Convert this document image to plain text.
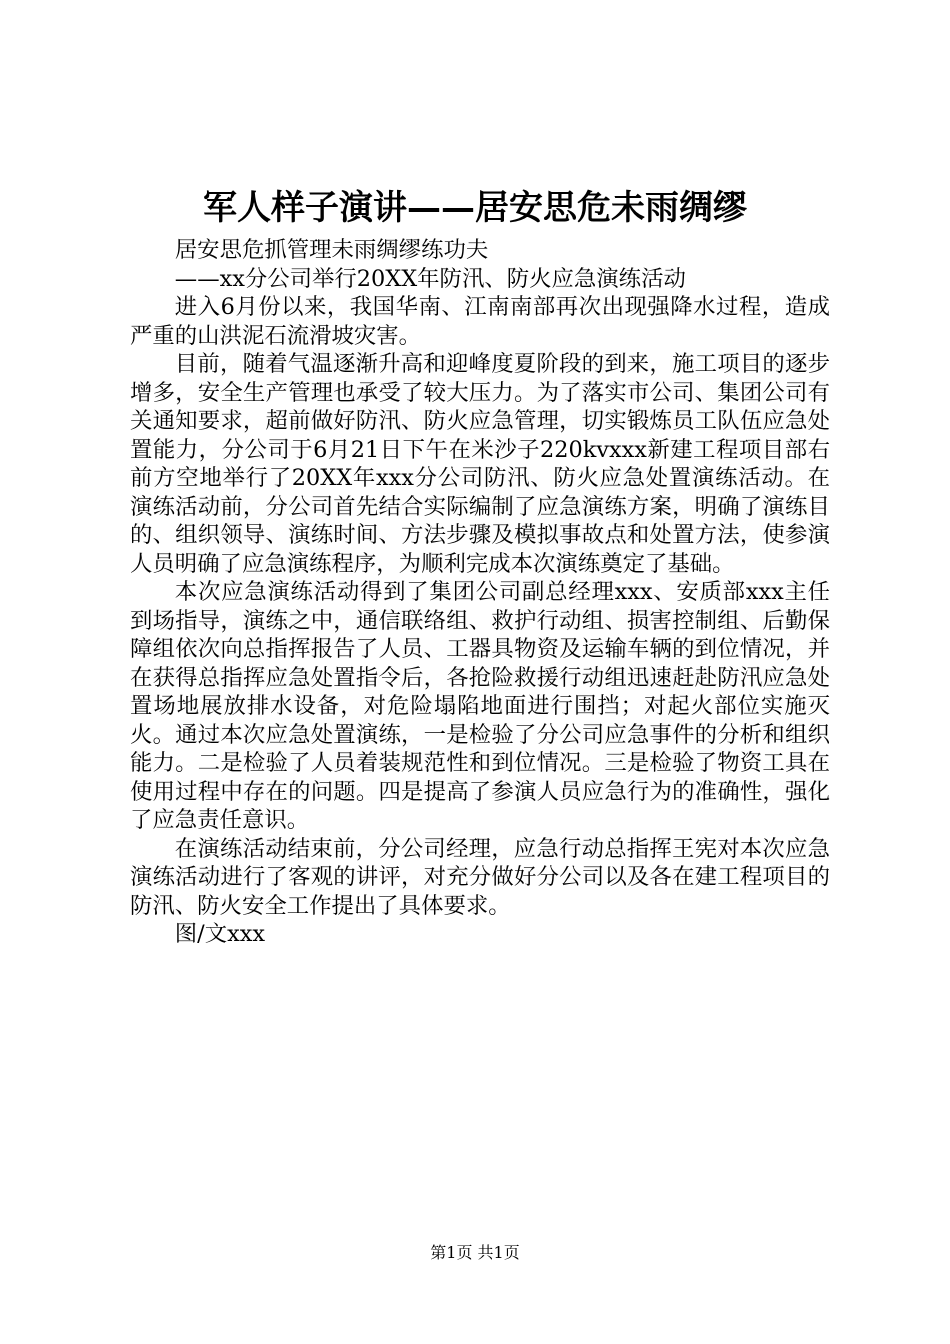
军人样子演讲——居安思危未雨绸缪

居安思危抓管理未雨绸缪练功夫

——xx分公司举行20XX年防汛、防火应急演练活动

进入6月份以来，我国华南、江南南部再次出现强降水过程，造成严重的山洪泥石流滑坡灾害。

目前，随着气温逐渐升高和迎峰度夏阶段的到来，施工项目的逐步增多，安全生产管理也承受了较大压力。为了落实市公司、集团公司有关通知要求，超前做好防汛、防火应急管理，切实锻炼员工队伍应急处置能力，分公司于6月21日下午在米沙子220kvxxx新建工程项目部右前方空地举行了20XX年xxx分公司防汛、防火应急处置演练活动。在演练活动前，分公司首先结合实际编制了应急演练方案，明确了演练目的、组织领导、演练时间、方法步骤及模拟事故点和处置方法，使参演人员明确了应急演练程序，为顺利完成本次演练奠定了基础。

本次应急演练活动得到了集团公司副总经理xxx、安质部xxx主任到场指导，演练之中，通信联络组、救护行动组、损害控制组、后勤保障组依次向总指挥报告了人员、工器具物资及运输车辆的到位情况，并在获得总指挥应急处置指令后，各抢险救援行动组迅速赶赴防汛应急处置场地展放排水设备，对危险塌陷地面进行围挡；对起火部位实施灭火。通过本次应急处置演练，一是检验了分公司应急事件的分析和组织能力。二是检验了人员着装规范性和到位情况。三是检验了物资工具在使用过程中存在的问题。四是提高了参演人员应急行为的准确性，强化了应急责任意识。

在演练活动结束前，分公司经理，应急行动总指挥王宪对本次应急演练活动进行了客观的讲评，对充分做好分公司以及各在建工程项目的防汛、防火安全工作提出了具体要求。

图/文xxx

第1页 共1页
